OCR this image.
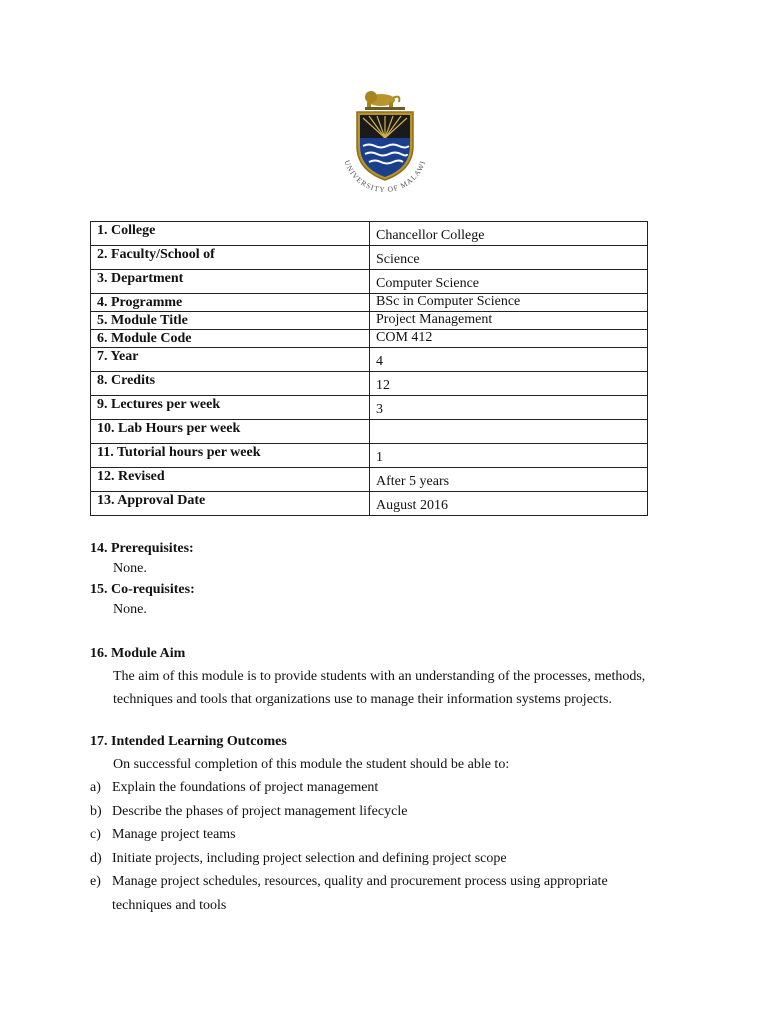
UNIVERSITY OF MALAWI
1. College	Chancellor College
2. Faculty/School of	Science
3. Department	Computer Science
4. Programme	BSc in Computer Science
5. Module Title	Project Management
6. Module Code	COM 412
7. Year	4
8. Credits	12
9. Lectures per week	3
10. Lab Hours per week	
11. Tutorial hours per week	1
12. Revised	After 5 years
13. Approval Date	August 2016
14. Prerequisites:
None.
15. Co-requisites:
None.
16. Module Aim
The aim of this module is to provide students with an understanding of the processes, methods, techniques and tools that organizations use to manage their information systems projects.
17. Intended Learning Outcomes
On successful completion of this module the student should be able to:
a) Explain the foundations of project management
b) Describe the phases of project management lifecycle
c) Manage project teams
d) Initiate projects, including project selection and defining project scope
e) Manage project schedules, resources, quality and procurement process using appropriate techniques and tools
